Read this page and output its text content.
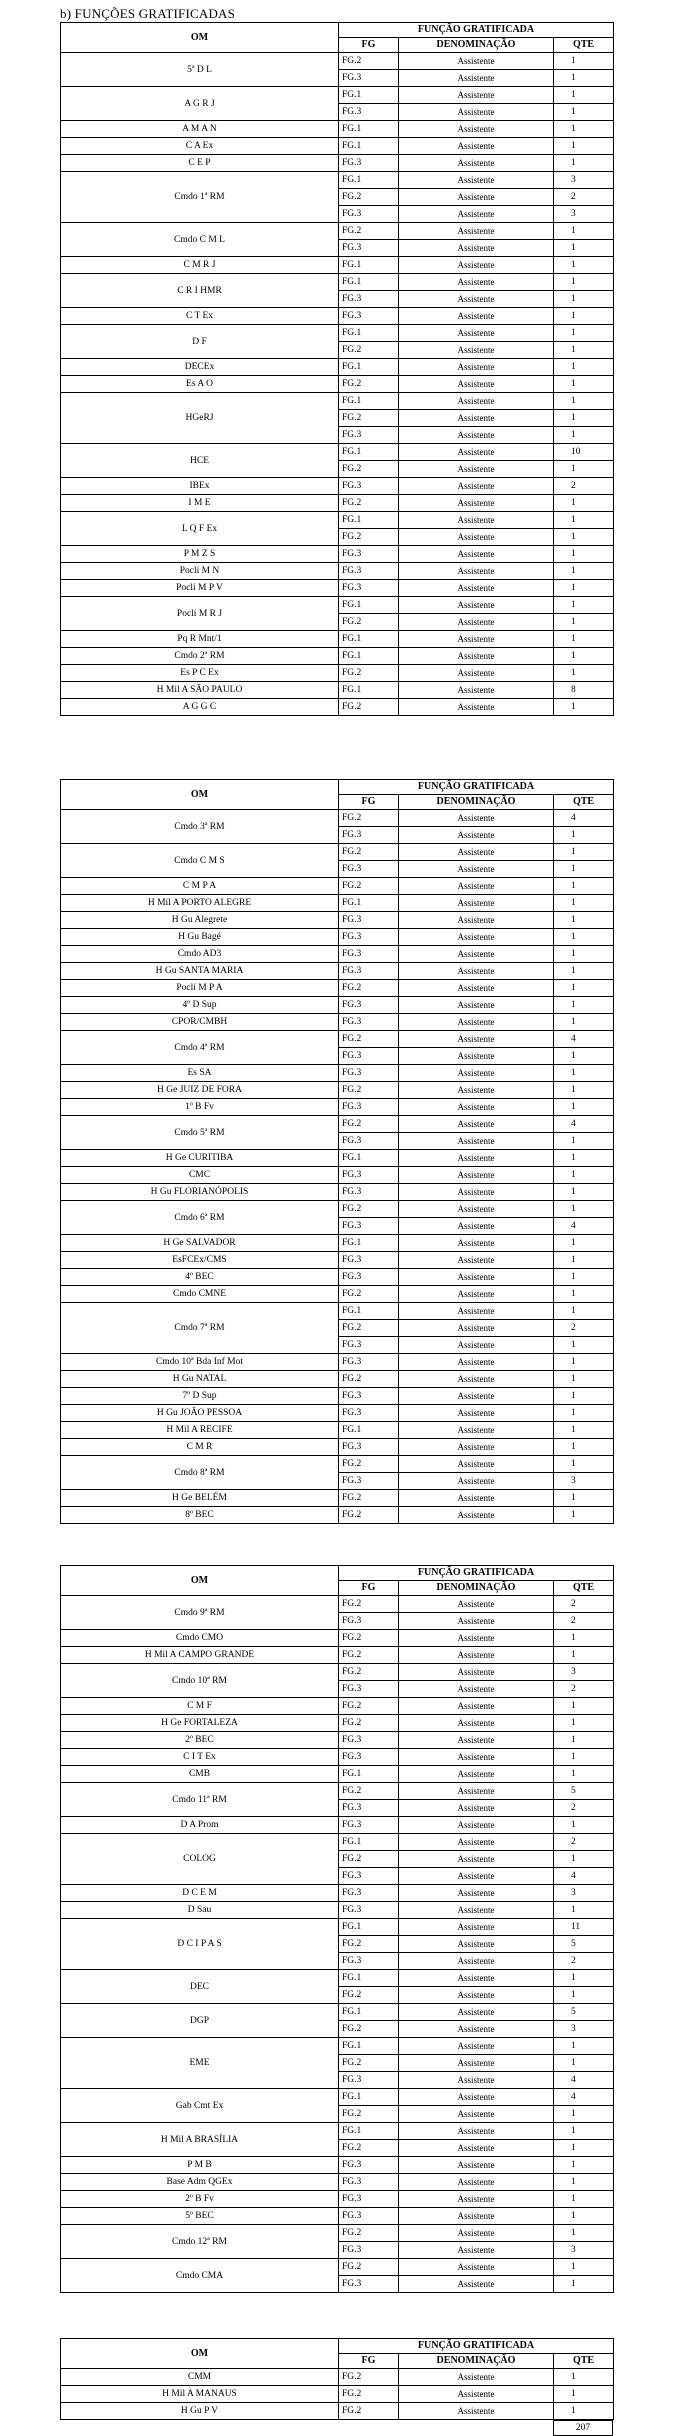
b) FUNÇÕES GRATIFICADAS
OM	FUNÇÃO GRATIFICADA		
	FG	DENOMINAÇÃO	QTE
5ª D L	FG.2	Assistente	1
	FG.3	Assistente	1
A G R J	FG.1	Assistente	1
	FG.3	Assistente	1
A M A N	FG.1	Assistente	1
C A Ex	FG.1	Assistente	1
C E P	FG.3	Assistente	1
Cmdo 1ª RM	FG.1	Assistente	3
	FG.2	Assistente	2
	FG.3	Assistente	3
Cmdo C M L	FG.2	Assistente	1
	FG.3	Assistente	1
C M R J	FG.1	Assistente	1
C R I HMR	FG.1	Assistente	1
	FG.3	Assistente	1
C T Ex	FG.3	Assistente	1
D F	FG.1	Assistente	1
	FG.2	Assistente	1
DECEx	FG.1	Assistente	1
Es A O	FG.2	Assistente	1
HGeRJ	FG.1	Assistente	1
	FG.2	Assistente	1
	FG.3	Assistente	1
HCE	FG.1	Assistente	10
	FG.2	Assistente	1
IBEx	FG.3	Assistente	2
I M E	FG.2	Assistente	1
L Q F Ex	FG.1	Assistente	1
	FG.2	Assistente	1
P M Z S	FG.3	Assistente	1
Poclí M N	FG.3	Assistente	1
Poclí M P V	FG.3	Assistente	1
Poclí M R J	FG.1	Assistente	1
	FG.2	Assistente	1
Pq R Mnt/1	FG.1	Assistente	1
Cmdo 2ª RM	FG.1	Assistente	1
Es P C Ex	FG.2	Assistente	1
H Mil A SÃO PAULO	FG.1	Assistente	8
A G G C	FG.2	Assistente	1
OM	FUNÇÃO GRATIFICADA		
	FG	DENOMINAÇÃO	QTE
Cmdo 3ª RM	FG.2	Assistente	4
	FG.3	Assistente	1
Cmdo C M S	FG.2	Assistente	1
	FG.3	Assistente	1
C M P A	FG.2	Assistente	1
H Mil A PORTO ALEGRE	FG.1	Assistente	1
H Gu Alegrete	FG.3	Assistente	1
H Gu Bagé	FG.3	Assistente	1
Cmdo AD3	FG.3	Assistente	1
H Gu SANTA MARIA	FG.3	Assistente	1
Poclí M P A	FG.2	Assistente	1
4º D Sup	FG.3	Assistente	1
CPOR/CMBH	FG.3	Assistente	1
Cmdo 4ª RM	FG.2	Assistente	4
	FG.3	Assistente	1
Es SA	FG.3	Assistente	1
H Ge JUIZ DE FORA	FG.2	Assistente	1
1º B Fv	FG.3	Assistente	1
Cmdo 5ª RM	FG.2	Assistente	4
	FG.3	Assistente	1
H Ge CURITIBA	FG.1	Assistente	1
CMC	FG.3	Assistente	1
H Gu FLORIANÓPOLIS	FG.3	Assistente	1
Cmdo 6ª RM	FG.2	Assistente	1
	FG.3	Assistente	4
H Ge SALVADOR	FG.1	Assistente	1
EsFCEx/CMS	FG.3	Assistente	1
4º BEC	FG.3	Assistente	1
Cmdo CMNE	FG.2	Assistente	1
Cmdo 7ª RM	FG.1	Assistente	1
	FG.2	Assistente	2
	FG.3	Assistente	1
Cmdo 10ª Bda Inf Mot	FG.3	Assistente	1
H Gu NATAL	FG.2	Assistente	1
7º D Sup	FG.3	Assistente	1
H Gu JOÃO PESSOA	FG.3	Assistente	1
H Mil A RECIFE	FG.1	Assistente	1
C M R	FG.3	Assistente	1
Cmdo 8ª RM	FG.2	Assistente	1
	FG.3	Assistente	3
H Ge BELÉM	FG.2	Assistente	1
8º BEC	FG.2	Assistente	1
OM	FUNÇÃO GRATIFICADA		
	FG	DENOMINAÇÃO	QTE
Cmdo 9ª RM	FG.2	Assistente	2
	FG.3	Assistente	2
Cmdo CMO	FG.2	Assistente	1
H Mil A CAMPO GRANDE	FG.2	Assistente	1
Cmdo 10ª RM	FG.2	Assistente	3
	FG.3	Assistente	2
C M F	FG.2	Assistente	1
H Ge FORTALEZA	FG.2	Assistente	1
2º BEC	FG.3	Assistente	1
C I T Ex	FG.3	Assistente	1
CMB	FG.1	Assistente	1
Cmdo 11ª RM	FG.2	Assistente	5
	FG.3	Assistente	2
D A Prom	FG.3	Assistente	1
COLOG	FG.1	Assistente	2
	FG.2	Assistente	1
	FG.3	Assistente	4
D C E M	FG.3	Assistente	3
D Sau	FG.3	Assistente	1
D C I P A S	FG.1	Assistente	11
	FG.2	Assistente	5
	FG.3	Assistente	2
DEC	FG.1	Assistente	1
	FG.2	Assistente	1
DGP	FG.1	Assistente	5
	FG.2	Assistente	3
EME	FG.1	Assistente	1
	FG.2	Assistente	1
	FG.3	Assistente	4
Gab Cmt Ex	FG.1	Assistente	4
	FG.2	Assistente	1
H Mil A BRASÍLIA	FG.1	Assistente	1
	FG.2	Assistente	1
P M B	FG.3	Assistente	1
Base Adm QGEx	FG.3	Assistente	1
2º B Fv	FG.3	Assistente	1
5º BEC	FG.3	Assistente	1
Cmdo 12ª RM	FG.2	Assistente	1
	FG.3	Assistente	3
Cmdo CMA	FG.2	Assistente	1
	FG.3	Assistente	1
OM	FUNÇÃO GRATIFICADA		
	FG	DENOMINAÇÃO	QTE
CMM	FG.2	Assistente	1
H Mil A MANAUS	FG.2	Assistente	1
H Gu P V	FG.2	Assistente	1
207
